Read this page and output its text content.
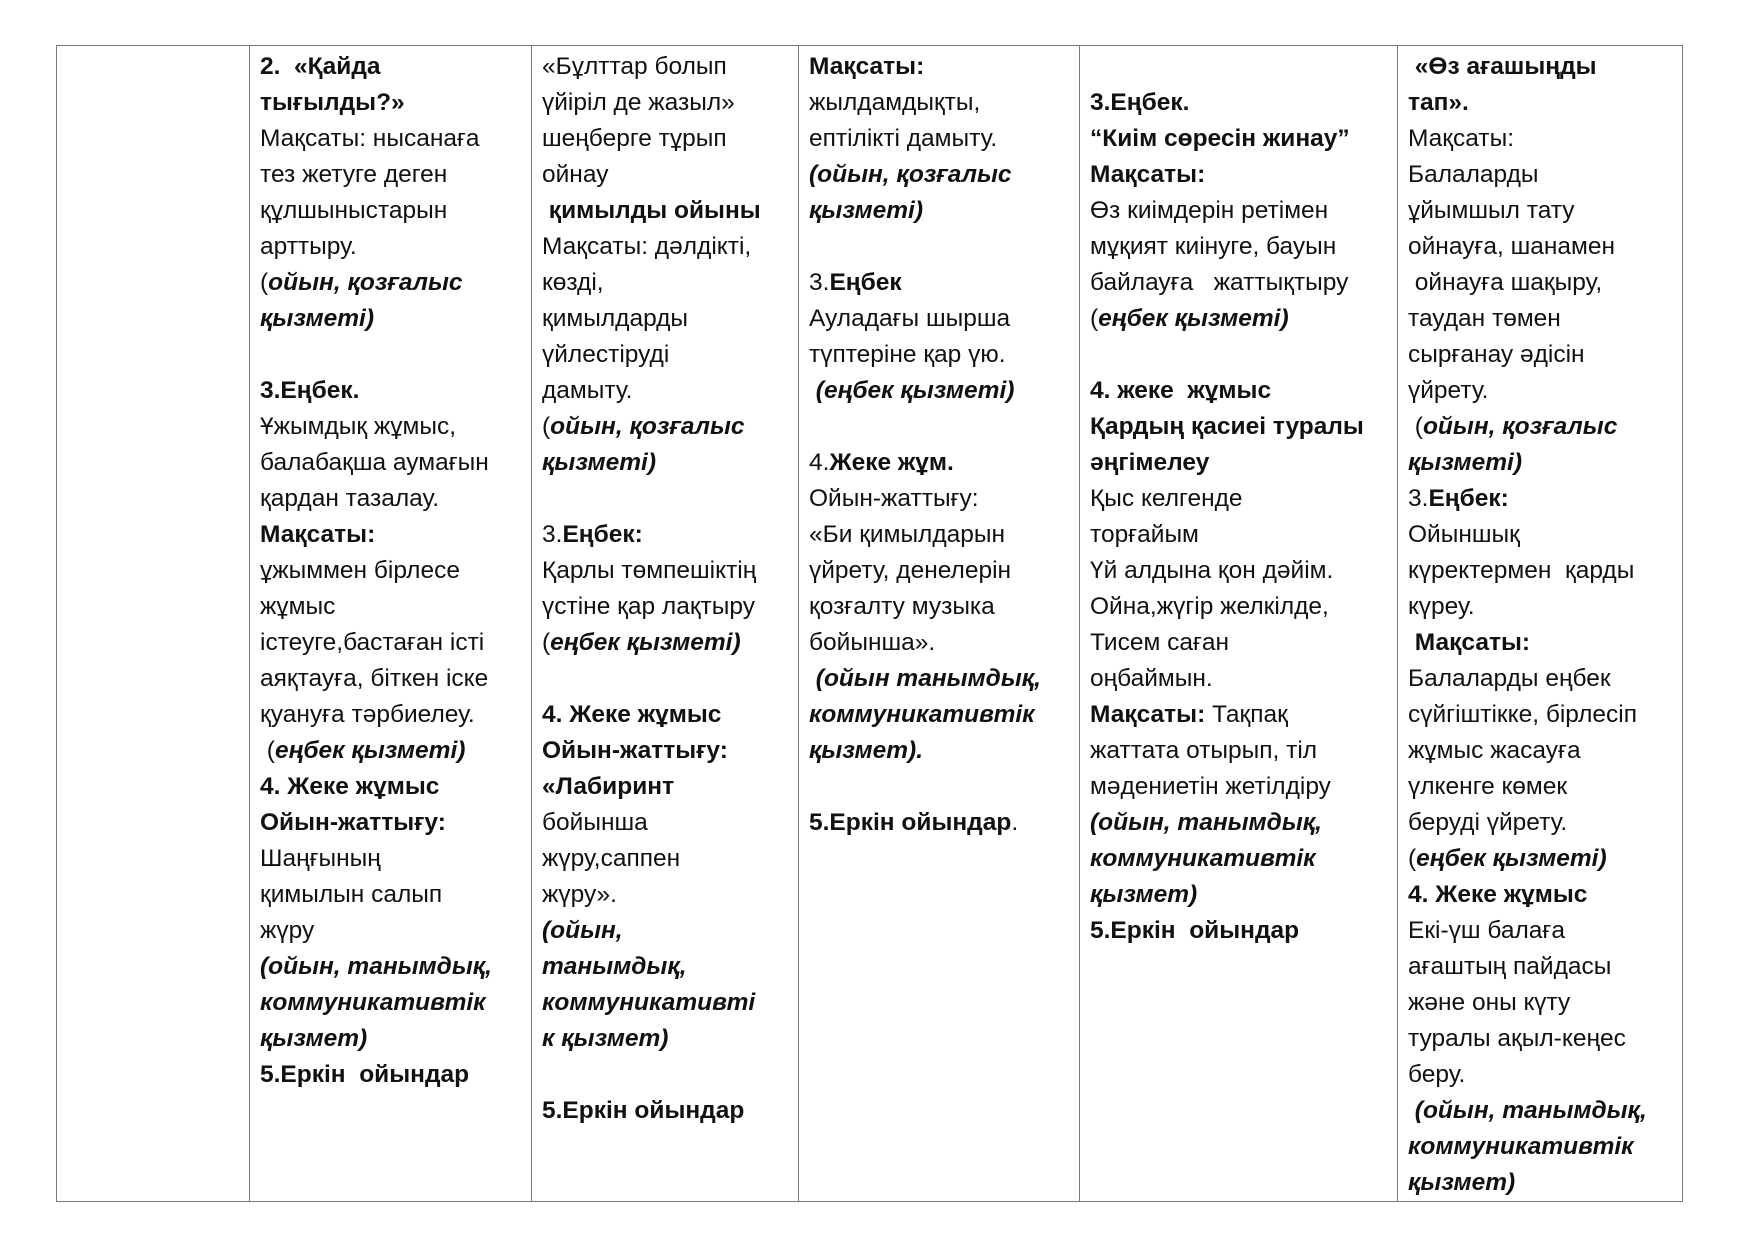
2.  «Қайда
тығылды?»
Мақсаты: нысанаға
тез жетуге деген
құлшыныстарын
арттыру.
(ойын, қозғалыс
қызметі)
3.Еңбек.
Ұжымдық жұмыс,
балабақша аумағын
қардан тазалау.
Мақсаты:
ұжыммен бірлесе
жұмыс
істеуге,бастаған істі
аяқтауға, біткен іске
қуануға тәрбиелеу.
(еңбек қызметі)
4. Жеке жұмыс
Ойын-жаттығу:
Шаңғының
қимылын салып
жүру
(ойын, танымдық,
коммуникативтік
қызмет)
5.Еркін  ойындар

«Бұлттар болып
үйіріл де жазыл»
шеңберге тұрып
ойнау
қимылды ойыны
Мақсаты: дәлдікті,
көзді,
қимылдарды
үйлестіруді
дамыту.
(ойын, қозғалыс
қызметі)
3.Еңбек:
Қарлы төмпешіктің
үстіне қар лақтыру
(еңбек қызметі)
4. Жеке жұмыс
Ойын-жаттығу:
«Лабиринт
бойынша
жүру,саппен
жүру».
(ойын,
танымдық,
коммуникативті
к қызмет)
5.Еркін ойындар

Мақсаты:
жылдамдықты,
ептілікті дамыту.
(ойын, қозғалыс
қызметі)
3.Еңбек
Ауладағы шырша
түптеріне қар үю.
(еңбек қызметі)
4.Жеке жұм.
Ойын-жаттығу:
«Би қимылдарын
үйрету, денелерін
қозғалту музыка
бойынша».
(ойын танымдық,
коммуникативтік
қызмет).
5.Еркін ойындар.

3.Еңбек.
“Киім сөресін жинау”
Мақсаты:
Өз киімдерін ретімен
мұқият киінуге, бауын
байлауға   жаттықтыру
(еңбек қызметі)
4. жеке  жұмыс
Қардың қасиеі туралы
әңгімелеу
Қыс келгенде
торғайым
Үй алдына қон дәйім.
Ойна,жүгір желкілде,
Тисем саған
оңбаймын.
Мақсаты: Тақпақ
жаттата отырып, тіл
мәдениетін жетілдіру
(ойын, танымдық,
коммуникативтік
қызмет)
5.Еркін  ойындар

«Өз ағашыңды
тап».
Мақсаты:
Балаларды
ұйымшыл тату
ойнауға, шанамен
ойнауға шақыру,
таудан төмен
сырғанау әдісін
үйрету.
(ойын, қозғалыс
қызметі)
3.Еңбек:
Ойыншық
күректермен  қарды
күреу.
Мақсаты:
Балаларды еңбек
сүйгіштікке, бірлесіп
жұмыс жасауға
үлкенге көмек
беруді үйрету.
(еңбек қызметі)
4. Жеке жұмыс
Екі-үш балаға
ағаштың пайдасы
және оны күту
туралы ақыл-кеңес
беру.
(ойын, танымдық,
коммуникативтік
қызмет)
